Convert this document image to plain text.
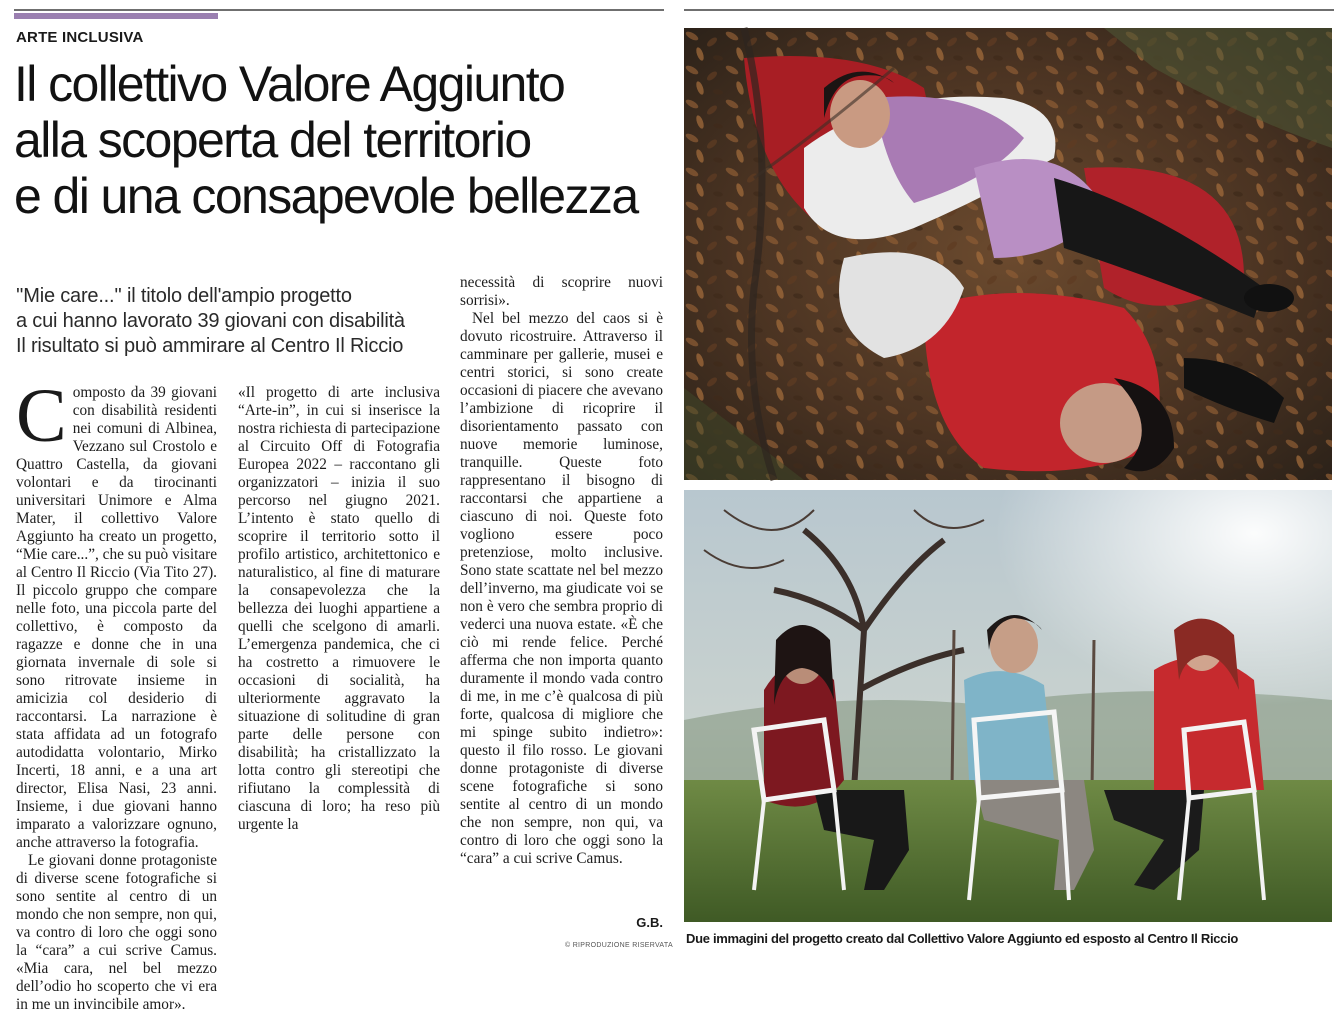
ARTE INCLUSIVA
Il collettivo Valore Aggiunto
alla scoperta del territorio
e di una consapevole bellezza
''Mie care...'' il titolo dell'ampio progetto
a cui hanno lavorato 39 giovani con disabilità
Il risultato si può ammirare al Centro Il Riccio

Composto da 39 giovani con disabilità residenti nei comuni di Albinea, Vezzano sul Crostolo e Quattro Castella, da giovani volontari e da tirocinanti universitari Unimore e Alma Mater, il collettivo Valore Aggiunto ha creato un progetto, “Mie care...”, che su può visitare al Centro Il Riccio (Via Tito 27). Il piccolo gruppo che compare nelle foto, una piccola parte del collettivo, è composto da ragazze e donne che in una giornata invernale di sole si sono ritrovate insieme in amicizia col desiderio di raccontarsi. La narrazione è stata affidata ad un fotografo autodidatta volontario, Mirko Incerti, 18 anni, e a una art director, Elisa Nasi, 23 anni. Insieme, i due giovani hanno imparato a valorizzare ognuno, anche attraverso la fotografia.

Le giovani donne protagoniste di diverse scene fotografiche si sono sentite al centro di un mondo che non sempre, non qui, va contro di loro che oggi sono la “cara” a cui scrive Camus. «Mia cara, nel bel mezzo dell’odio ho scoperto che vi era in me un invincibile amor».

«Il progetto di arte inclusiva “Arte-in”, in cui si inserisce la nostra richiesta di partecipazione al Circuito Off di Fotografia Europea 2022 – raccontano gli organizzatori – inizia il suo percorso nel giugno 2021. L’intento è stato quello di scoprire il territorio sotto il profilo artistico, architettonico e naturalistico, al fine di maturare la consapevolezza che la bellezza dei luoghi appartiene a quelli che scelgono di amarli. L’emergenza pandemica, che ci ha costretto a rimuovere le occasioni di socialità, ha ulteriormente aggravato la situazione di solitudine di gran parte delle persone con disabilità; ha cristallizzato la lotta contro gli stereotipi che rifiutano la complessità di ciascuna di loro; ha reso più urgente la

necessità di scoprire nuovi sorrisi».

Nel bel mezzo del caos si è dovuto ricostruire. Attraverso il camminare per gallerie, musei e centri storici, si sono create occasioni di piacere che avevano l’ambizione di ricoprire il disorientamento passato con nuove memorie luminose, tranquille. Queste foto rappresentano il bisogno di raccontarsi che appartiene a ciascuno di noi. Queste foto vogliono essere poco pretenziose, molto inclusive. Sono state scattate nel bel mezzo dell’inverno, ma giudicate voi se non è vero che sembra proprio di vederci una nuova estate. «È che ciò mi rende felice. Perché afferma che non importa quanto duramente il mondo vada contro di me, in me c’è qualcosa di più forte, qualcosa di migliore che mi spinge subito indietro»: questo il filo rosso. Le giovani donne protagoniste di diverse scene fotografiche si sono sentite al centro di un mondo che non sempre, non qui, va contro di loro che oggi sono la “cara” a cui scrive Camus.

G.B.
© RIPRODUZIONE RISERVATA Due immagini del progetto creato dal Collettivo Valore Aggiunto ed esposto al Centro Il Riccio
